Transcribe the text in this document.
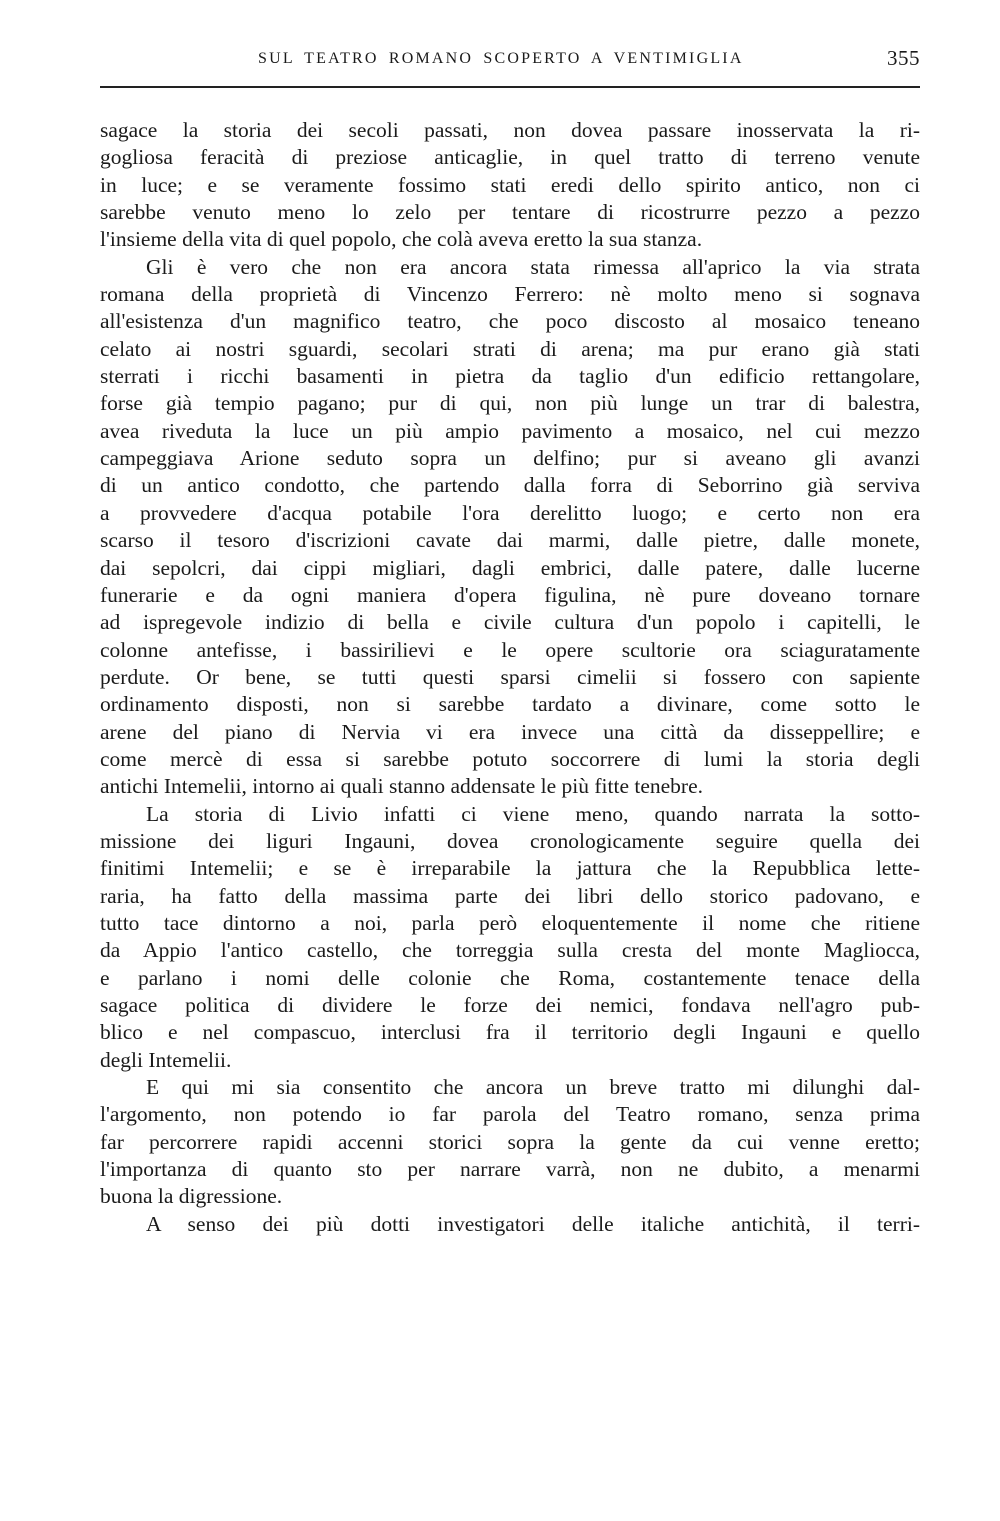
SUL TEATRO ROMANO SCOPERTO A VENTIMIGLIA	355
sagace la storia dei secoli passati, non dovea passare inosservata la ri-
gogliosa feracità di preziose anticaglie, in quel tratto di terreno venute
in luce; e se veramente fossimo stati eredi dello spirito antico, non ci
sarebbe venuto meno lo zelo per tentare di ricostrurre pezzo a pezzo
l'insieme della vita di quel popolo, che colà aveva eretto la sua stanza.
Gli è vero che non era ancora stata rimessa all'aprico la via strata
romana della proprietà di Vincenzo Ferrero: nè molto meno si sognava
all'esistenza d'un magnifico teatro, che poco discosto al mosaico teneano
celato ai nostri sguardi, secolari strati di arena; ma pur erano già stati
sterrati i ricchi basamenti in pietra da taglio d'un edificio rettangolare,
forse già tempio pagano; pur di qui, non più lunge un trar di balestra,
avea riveduta la luce un più ampio pavimento a mosaico, nel cui mezzo
campeggiava Arione seduto sopra un delfino; pur si aveano gli avanzi
di un antico condotto, che partendo dalla forra di Seborrino già serviva
a provvedere d'acqua potabile l'ora derelitto luogo; e certo non era
scarso il tesoro d'iscrizioni cavate dai marmi, dalle pietre, dalle monete,
dai sepolcri, dai cippi migliari, dagli embrici, dalle patere, dalle lucerne
funerarie e da ogni maniera d'opera figulina, nè pure doveano tornare
ad ispregevole indizio di bella e civile cultura d'un popolo i capitelli, le
colonne antefisse, i bassirilievi e le opere scultorie ora sciaguratamente
perdute. Or bene, se tutti questi sparsi cimelii si fossero con sapiente
ordinamento disposti, non si sarebbe tardato a divinare, come sotto le
arene del piano di Nervia vi era invece una città da disseppellire; e
come mercè di essa si sarebbe potuto soccorrere di lumi la storia degli
antichi Intemelii, intorno ai quali stanno addensate le più fitte tenebre.
La storia di Livio infatti ci viene meno, quando narrata la sotto-
missione dei liguri Ingauni, dovea cronologicamente seguire quella dei
finitimi Intemelii; e se è irreparabile la jattura che la Repubblica lette-
raria, ha fatto della massima parte dei libri dello storico padovano, e
tutto tace dintorno a noi, parla però eloquentemente il nome che ritiene
da Appio l'antico castello, che torreggia sulla cresta del monte Magliocca,
e parlano i nomi delle colonie che Roma, costantemente tenace della
sagace politica di dividere le forze dei nemici, fondava nell'agro pub-
blico e nel compascuo, interclusi fra il territorio degli Ingauni e quello
degli Intemelii.
E qui mi sia consentito che ancora un breve tratto mi dilunghi dal-
l'argomento, non potendo io far parola del Teatro romano, senza prima
far percorrere rapidi accenni storici sopra la gente da cui venne eretto;
l'importanza di quanto sto per narrare varrà, non ne dubito, a menarmi
buona la digressione.
A senso dei più dotti investigatori delle italiche antichità, il terri-
